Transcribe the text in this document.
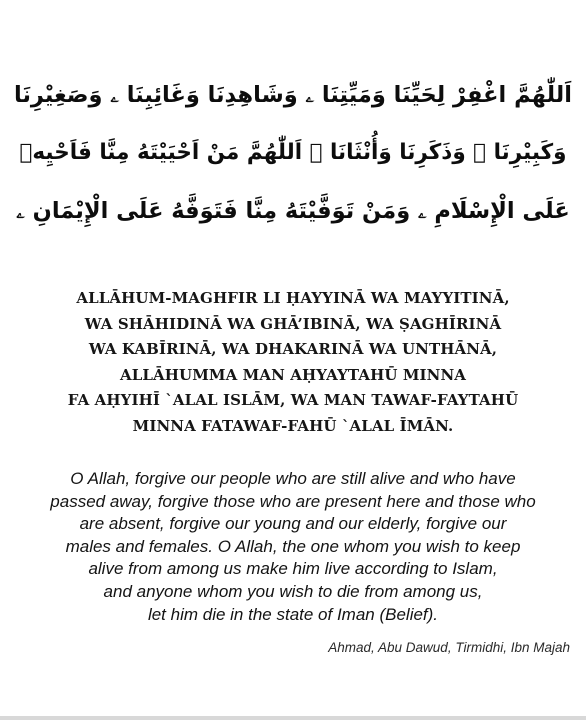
اَللّٰهُمَّ اغْفِرْ لِحَيِّنَا وَمَيِّتِنَا ۦ وَشَاهِدِنَا وَغَائِبِنَا ۦ وَصَغِيْرِنَا
وَكَبِيْرِنَا ۦ وَذَكَرِنَا وَأُنْثَانَا ۦ اَللّٰهُمَّ مَنْ اَحْيَيْتَهُ مِنَّا فَاَحْيِهٖ
عَلَى الْإِسْلَامِ ۦ وَمَنْ تَوَفَّيْتَهُ مِنَّا فَتَوَفَّهُ عَلَى الْإِيْمَانِ ۦ
ALLĀHUM-MAGHFIR LI ḤAYYINĀ WA MAYYITINĀ,
WA SHĀHIDINĀ WA GHĀ’IBINĀ, WA ṢAGHĪRINĀ
WA KABĪRINĀ, WA DHAKARINĀ WA UNTHĀNĀ,
ALLĀHUMMA MAN AḤYAYTAHŪ MINNA
FA AḤYIHĪ `ALAL ISLĀM, WA MAN TAWAF-FAYTAHŪ
MINNA FATAWAF-FAHŪ `ALAL ĪMĀN.
O Allah, forgive our people who are still alive and who have
passed away, forgive those who are present here and those who
are absent, forgive our young and our elderly, forgive our
males and females. O Allah, the one whom you wish to keep
alive from among us make him live according to Islam,
and anyone whom you wish to die from among us,
let him die in the state of Iman (Belief).
Ahmad, Abu Dawud, Tirmidhi, Ibn Majah
